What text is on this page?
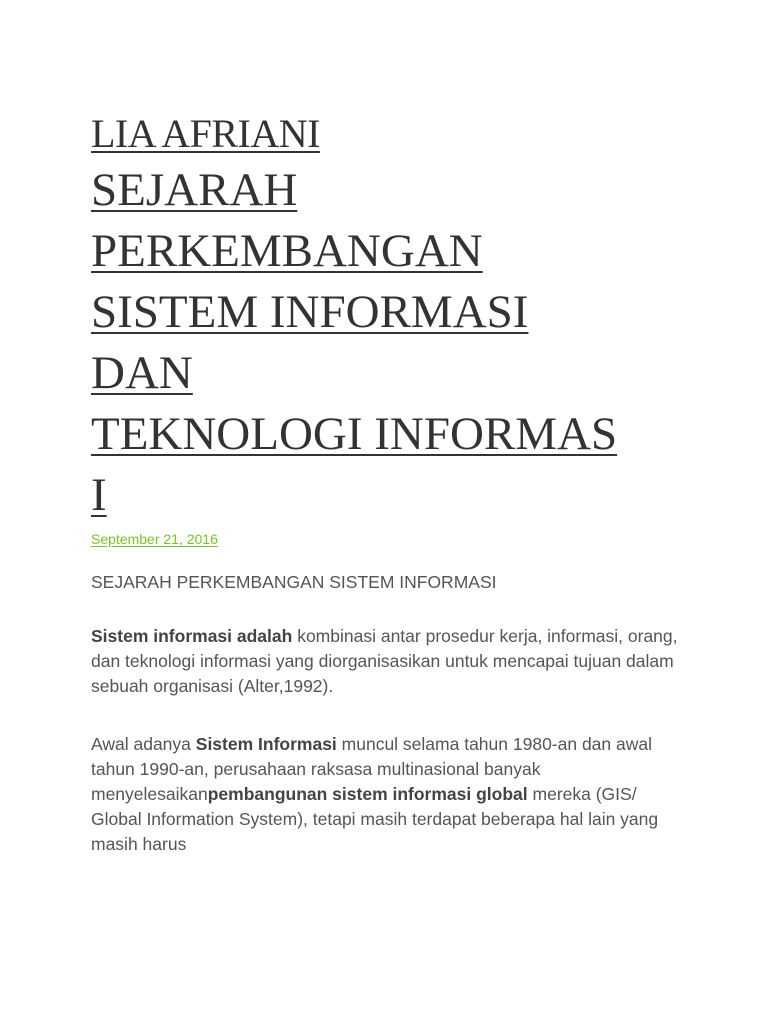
LIA AFRIANI
SEJARAH
PERKEMBANGAN
SISTEM INFORMASI
DAN
TEKNOLOGI INFORMAS
I
September 21, 2016
SEJARAH PERKEMBANGAN SISTEM INFORMASI

Sistem informasi adalah kombinasi antar prosedur kerja, informasi, orang, dan teknologi informasi yang diorganisasikan untuk mencapai tujuan dalam sebuah organisasi (Alter,1992).

Awal adanya Sistem Informasi muncul selama tahun 1980-an dan awal tahun 1990-an, perusahaan raksasa multinasional banyak menyelesaikanpembangunan sistem informasi global mereka (GIS/ Global Information System), tetapi masih terdapat beberapa hal lain yang masih harus
